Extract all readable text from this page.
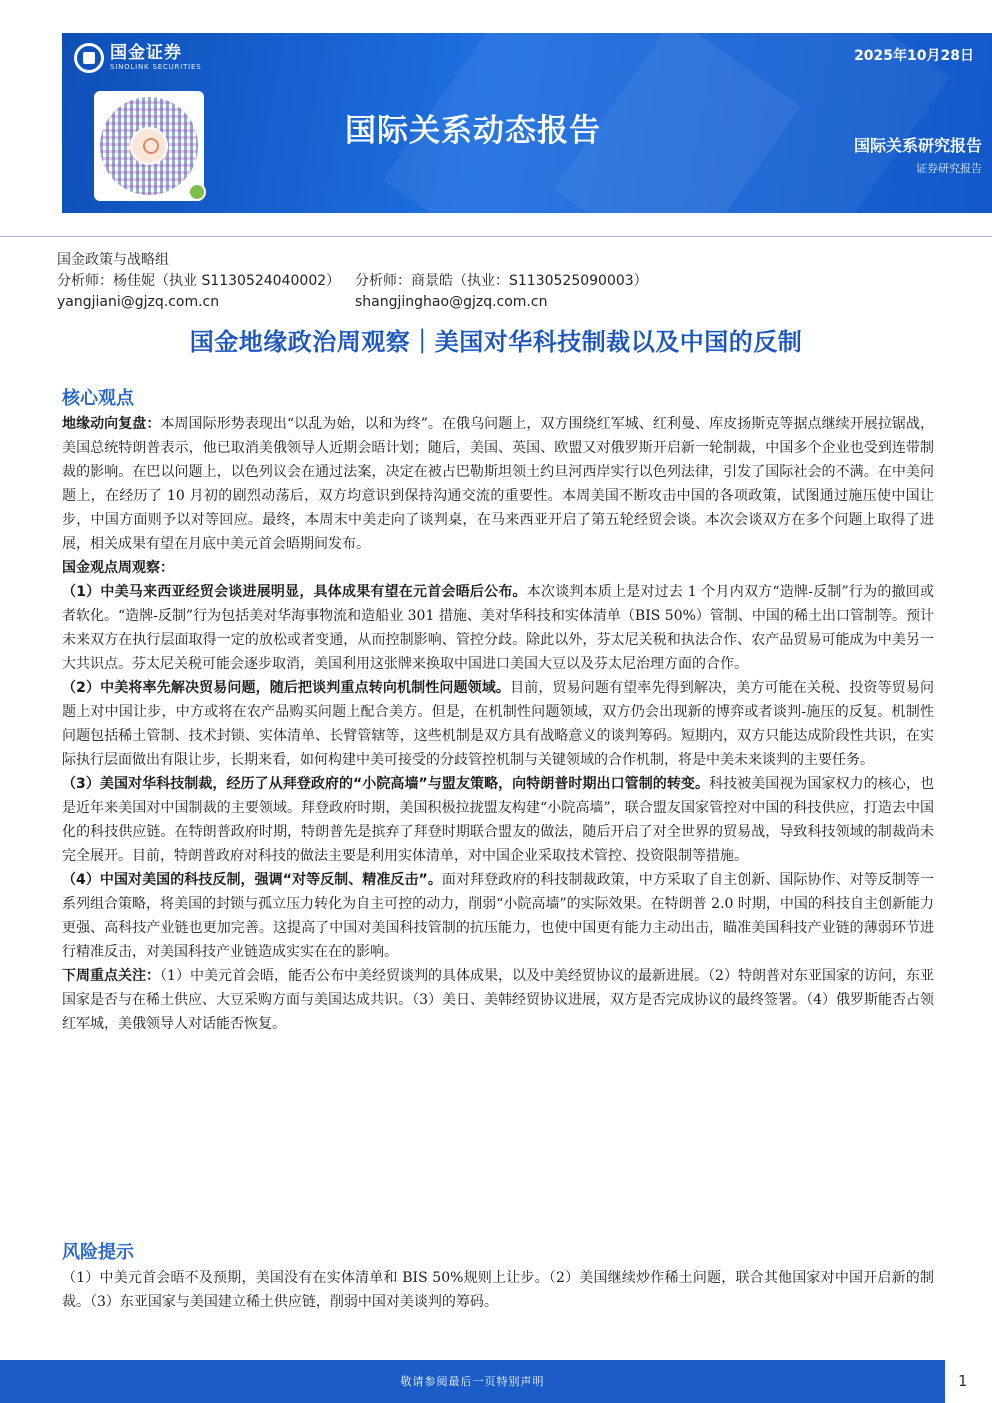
国金证券
SINOLINK SECURITIES
国际关系动态报告
2025年10月28日
国际关系研究报告
证券研究报告
国金政策与战略组
分析师：杨佳妮（执业 S1130524040002） 分析师：商景皓（执业：S1130525090003）
yangjiani@gjzq.com.cn	shangjinghao@gjzq.com.cn
国金地缘政治周观察｜美国对华科技制裁以及中国的反制
核心观点

地缘动向复盘：本周国际形势表现出“以乱为始，以和为终”。在俄乌问题上，双方围绕红军城、红利曼、库皮扬斯克等据点继续开展拉锯战，美国总统特朗普表示，他已取消美俄领导人近期会晤计划；随后，美国、英国、欧盟又对俄罗斯开启新一轮制裁，中国多个企业也受到连带制裁的影响。在巴以问题上，以色列议会在通过法案，决定在被占巴勒斯坦领土约旦河西岸实行以色列法律，引发了国际社会的不满。在中美问题上，在经历了 10 月初的剧烈动荡后，双方均意识到保持沟通交流的重要性。本周美国不断攻击中国的各项政策，试图通过施压使中国让步，中国方面则予以对等回应。最终，本周末中美走向了谈判桌，在马来西亚开启了第五轮经贸会谈。本次会谈双方在多个问题上取得了进展，相关成果有望在月底中美元首会晤期间发布。

国金观点周观察：

（1）中美马来西亚经贸会谈进展明显，具体成果有望在元首会晤后公布。本次谈判本质上是对过去 1 个月内双方“造牌-反制”行为的撤回或者软化。“造牌-反制”行为包括美对华海事物流和造船业 301 措施、美对华科技和实体清单（BIS 50%）管制、中国的稀土出口管制等。预计未来双方在执行层面取得一定的放松或者变通，从而控制影响、管控分歧。除此以外，芬太尼关税和执法合作、农产品贸易可能成为中美另一大共识点。芬太尼关税可能会逐步取消，美国利用这张牌来换取中国进口美国大豆以及芬太尼治理方面的合作。

（2）中美将率先解决贸易问题，随后把谈判重点转向机制性问题领域。目前，贸易问题有望率先得到解决，美方可能在关税、投资等贸易问题上对中国让步，中方或将在农产品购买问题上配合美方。但是，在机制性问题领域，双方仍会出现新的博弈或者谈判-施压的反复。机制性问题包括稀土管制、技术封锁、实体清单、长臂管辖等，这些机制是双方具有战略意义的谈判筹码。短期内，双方只能达成阶段性共识，在实际执行层面做出有限让步，长期来看，如何构建中美可接受的分歧管控机制与关键领域的合作机制，将是中美未来谈判的主要任务。

（3）美国对华科技制裁，经历了从拜登政府的“小院高墙”与盟友策略，向特朗普时期出口管制的转变。科技被美国视为国家权力的核心，也是近年来美国对中国制裁的主要领域。拜登政府时期，美国积极拉拢盟友构建“小院高墙”，联合盟友国家管控对中国的科技供应，打造去中国化的科技供应链。在特朗普政府时期，特朗普先是摈弃了拜登时期联合盟友的做法，随后开启了对全世界的贸易战，导致科技领域的制裁尚未完全展开。目前，特朗普政府对科技的做法主要是利用实体清单，对中国企业采取技术管控、投资限制等措施。

（4）中国对美国的科技反制，强调“对等反制、精准反击”。面对拜登政府的科技制裁政策，中方采取了自主创新、国际协作、对等反制等一系列组合策略，将美国的封锁与孤立压力转化为自主可控的动力，削弱“小院高墙”的实际效果。在特朗普 2.0 时期，中国的科技自主创新能力更强、高科技产业链也更加完善。这提高了中国对美国科技管制的抗压能力，也使中国更有能力主动出击，瞄准美国科技产业链的薄弱环节进行精准反击，对美国科技产业链造成实实在在的影响。

下周重点关注：（1）中美元首会晤，能否公布中美经贸谈判的具体成果，以及中美经贸协议的最新进展。（2）特朗普对东亚国家的访问，东亚国家是否与在稀土供应、大豆采购方面与美国达成共识。（3）美日、美韩经贸协议进展，双方是否完成协议的最终签署。（4）俄罗斯能否占领红军城，美俄领导人对话能否恢复。

风险提示

（1）中美元首会晤不及预期，美国没有在实体清单和 BIS 50%规则上让步。（2）美国继续炒作稀土问题，联合其他国家对中国开启新的制裁。（3）东亚国家与美国建立稀土供应链，削弱中国对美谈判的筹码。

敬请参阅最后一页特别声明	1
